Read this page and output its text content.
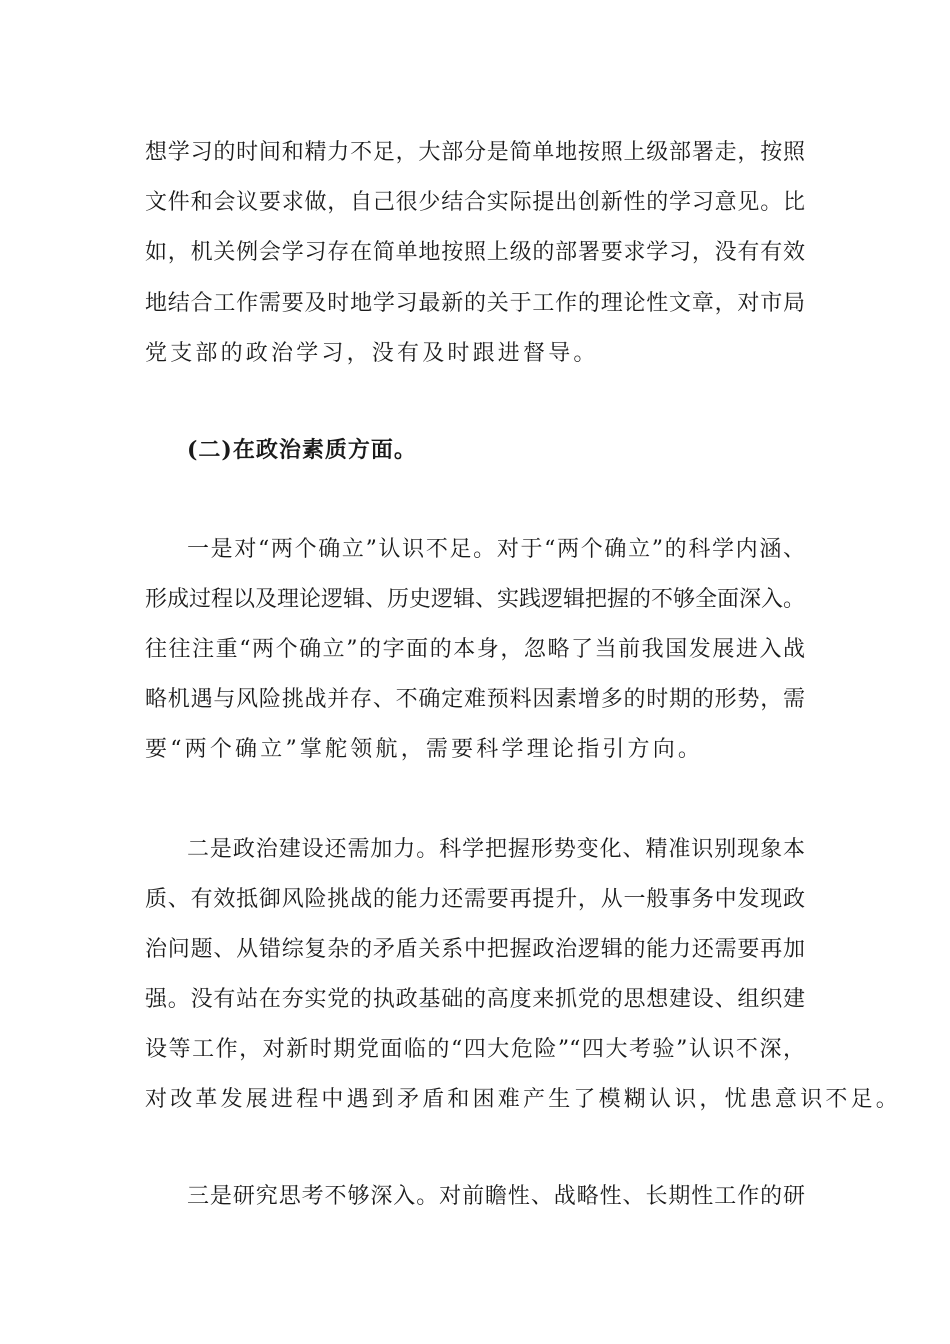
想学习的时间和精力不足，大部分是简单地按照上级部署走，按照
文件和会议要求做，自己很少结合实际提出创新性的学习意见。比
如，机关例会学习存在简单地按照上级的部署要求学习，没有有效
地结合工作需要及时地学习最新的关于工作的理论性文章，对市局
党支部的政治学习，没有及时跟进督导。
(二)在政治素质方面。
一是对“两个确立”认识不足。对于“两个确立”的科学内涵、
形成过程以及理论逻辑、历史逻辑、实践逻辑把握的不够全面深入。
往往注重“两个确立”的字面的本身，忽略了当前我国发展进入战
略机遇与风险挑战并存、不确定难预料因素增多的时期的形势，需
要“两个确立”掌舵领航，需要科学理论指引方向。
二是政治建设还需加力。科学把握形势变化、精准识别现象本
质、有效抵御风险挑战的能力还需要再提升，从一般事务中发现政
治问题、从错综复杂的矛盾关系中把握政治逻辑的能力还需要再加
强。没有站在夯实党的执政基础的高度来抓党的思想建设、组织建
设等工作，对新时期党面临的“四大危险”“四大考验”认识不深，
对改革发展进程中遇到矛盾和困难产生了模糊认识，忧患意识不足。
三是研究思考不够深入。对前瞻性、战略性、长期性工作的研
